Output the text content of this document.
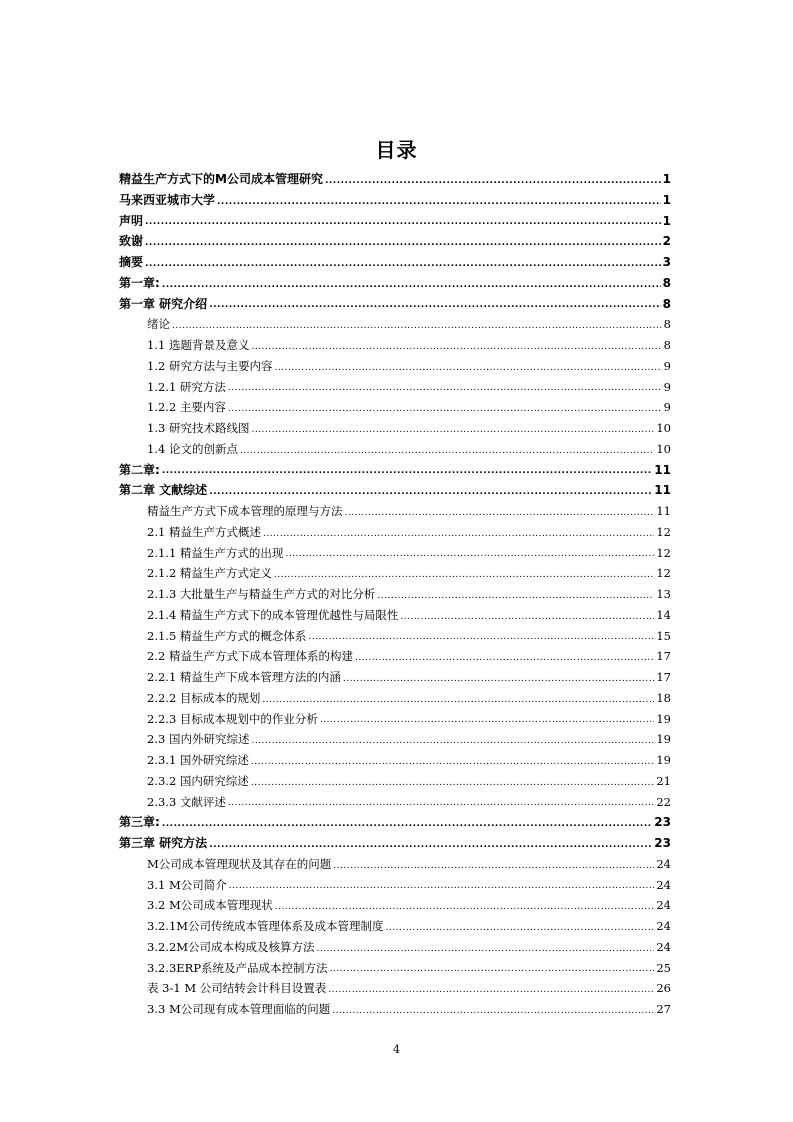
目录
精益生产方式下的M公司成本管理研究 .....	1
马来西亚城市大学 .....	1
声明 .....	1
致谢 .....	2
摘要 .....	3
第一章: .....	8
第一章 研究介绍 .....	8
绪论 .....	8
1.1 选题背景及意义 .....	8
1.2 研究方法与主要内容 .....	9
1.2.1 研究方法 .....	9
1.2.2 主要内容 .....	9
1.3 研究技术路线图 .....	10
1.4 论文的创新点 .....	10
第二章: .....	11
第二章 文献综述 .....	11
精益生产方式下成本管理的原理与方法 .....	11
2.1 精益生产方式概述 .....	12
2.1.1 精益生产方式的出现 .....	12
2.1.2 精益生产方式定义 .....	12
2.1.3 大批量生产与精益生产方式的对比分析 .....	13
2.1.4 精益生产方式下的成本管理优越性与局限性 .....	14
2.1.5 精益生产方式的概念体系 .....	15
2.2 精益生产方式下成本管理体系的构建 .....	17
2.2.1 精益生产下成本管理方法的内涵 .....	17
2.2.2 目标成本的规划 .....	18
2.2.3 目标成本规划中的作业分析 .....	19
2.3 国内外研究综述 .....	19
2.3.1 国外研究综述 .....	19
2.3.2 国内研究综述 .....	21
2.3.3 文献评述 .....	22
第三章: .....	23
第三章 研究方法 .....	23
M公司成本管理现状及其存在的问题 .....	24
3.1 M公司简介 .....	24
3.2 M公司成本管理现状 .....	24
3.2.1M公司传统成本管理体系及成本管理制度 .....	24
3.2.2M公司成本构成及核算方法 .....	24
3.2.3ERP系统及产品成本控制方法 .....	25
表 3-1 M 公司结转会计科目设置表 .....	26
3.3 M公司现有成本管理面临的问题 .....	27
4
